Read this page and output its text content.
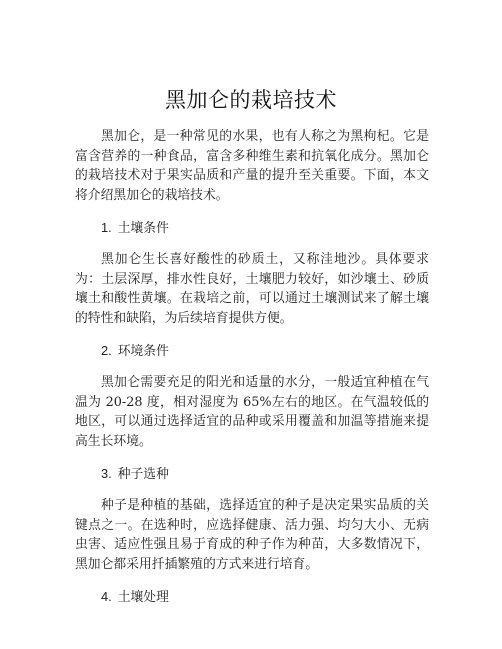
黑加仑的栽培技术

黑加仑，是一种常见的水果，也有人称之为黑枸杞。它是富含营养的一种食品，富含多种维生素和抗氧化成分。黑加仑的栽培技术对于果实品质和产量的提升至关重要。下面，本文将介绍黑加仑的栽培技术。

1. 土壤条件

黑加仑生长喜好酸性的砂质土，又称洼地沙。具体要求为：土层深厚，排水性良好，土壤肥力较好，如沙壤土、砂质壤土和酸性黄壤。在栽培之前，可以通过土壤测试来了解土壤的特性和缺陷，为后续培育提供方便。

2. 环境条件

黑加仑需要充足的阳光和适量的水分，一般适宜种植在气温为 20-28 度，相对湿度为 65%左右的地区。在气温较低的地区，可以通过选择适宜的品种或采用覆盖和加温等措施来提高生长环境。

3. 种子选种

种子是种植的基础，选择适宜的种子是决定果实品质的关键点之一。在选种时，应选择健康、活力强、均匀大小、无病虫害、适应性强且易于育成的种子作为种苗，大多数情况下，黑加仑都采用扦插繁殖的方式来进行培育。

4. 土壤处理
